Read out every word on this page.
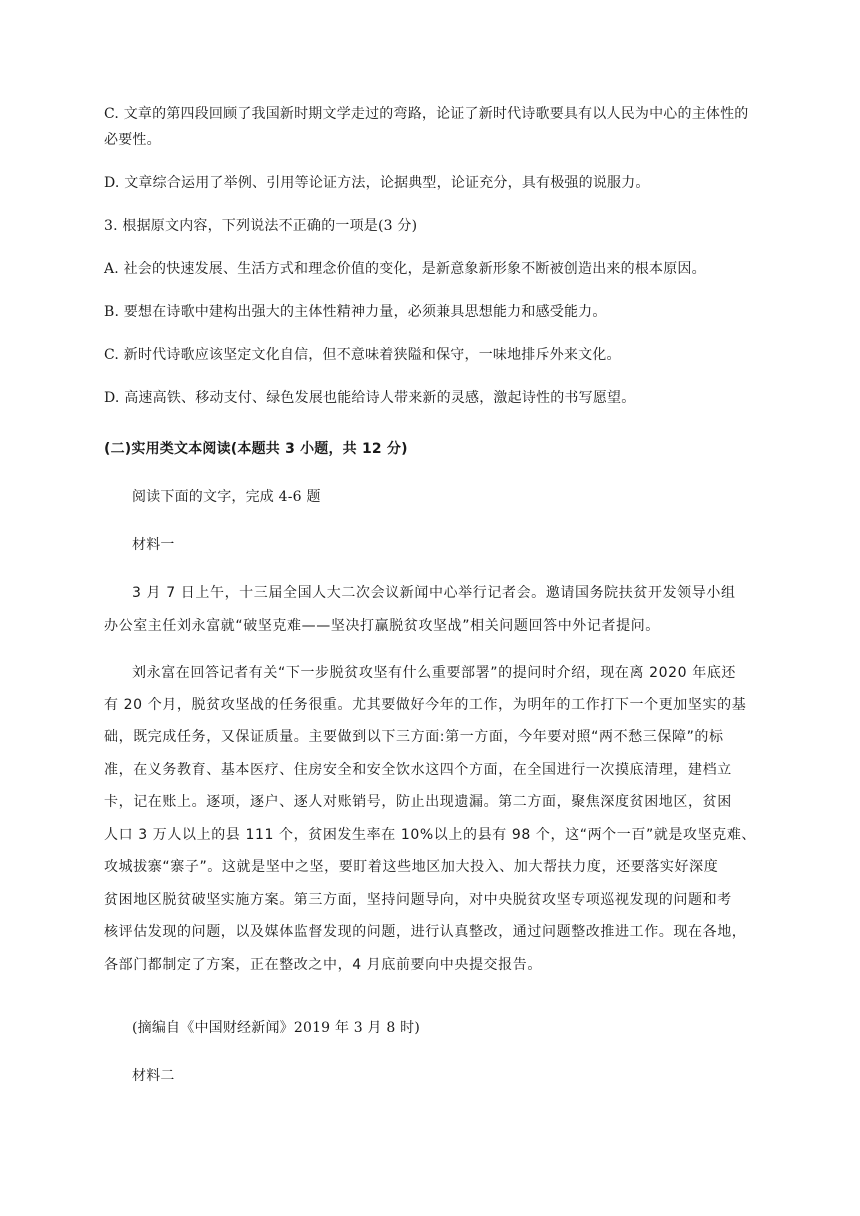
C. 文章的第四段回顾了我国新时期文学走过的弯路，论证了新时代诗歌要具有以人民为中心的主体性的
必要性。
D. 文章综合运用了举例、引用等论证方法，论据典型，论证充分，具有极强的说服力。
3. 根据原文内容，下列说法不正确的一项是(3 分)
A. 社会的快速发展、生活方式和理念价值的变化，是新意象新形象不断被创造出来的根本原因。
B. 要想在诗歌中建构出强大的主体性精神力量，必须兼具思想能力和感受能力。
C. 新时代诗歌应该坚定文化自信，但不意味着狭隘和保守，一味地排斥外来文化。
D. 高速高铁、移动支付、绿色发展也能给诗人带来新的灵感，激起诗性的书写愿望。
(二)实用类文本阅读(本题共 3 小题，共 12 分)
阅读下面的文字，完成 4-6 题
材料一
3 月 7 日上午，十三届全国人大二次会议新闻中心举行记者会。邀请国务院扶贫开发领导小组
办公室主任刘永富就“破坚克难——坚决打赢脱贫攻坚战”相关问题回答中外记者提问。
刘永富在回答记者有关“下一步脱贫攻坚有什么重要部署”的提问时介绍，现在离 2020 年底还
有 20 个月，脱贫攻坚战的任务很重。尤其要做好今年的工作，为明年的工作打下一个更加坚实的基
础，既完成任务，又保证质量。主要做到以下三方面:第一方面，今年要对照“两不愁三保障”的标
准，在义务教育、基本医疗、住房安全和安全饮水这四个方面，在全国进行一次摸底清理，建档立
卡，记在账上。逐项，逐户、逐人对账销号，防止出现遗漏。第二方面，聚焦深度贫困地区，贫困
人口 3 万人以上的县 111 个，贫困发生率在 10%以上的县有 98 个，这“两个一百”就是攻坚克难、
攻城拔寨“寨子”。这就是坚中之坚，要盯着这些地区加大投入、加大帮扶力度，还要落实好深度
贫困地区脱贫破坚实施方案。第三方面，坚持问题导向，对中央脱贫攻坚专项巡视发现的问题和考
核评估发现的问题，以及媒体监督发现的问题，进行认真整改，通过问题整改推进工作。现在各地，
各部门都制定了方案，正在整改之中，4 月底前要向中央提交报告。
(摘编自《中国财经新闻》2019 年 3 月 8 时)
材料二
